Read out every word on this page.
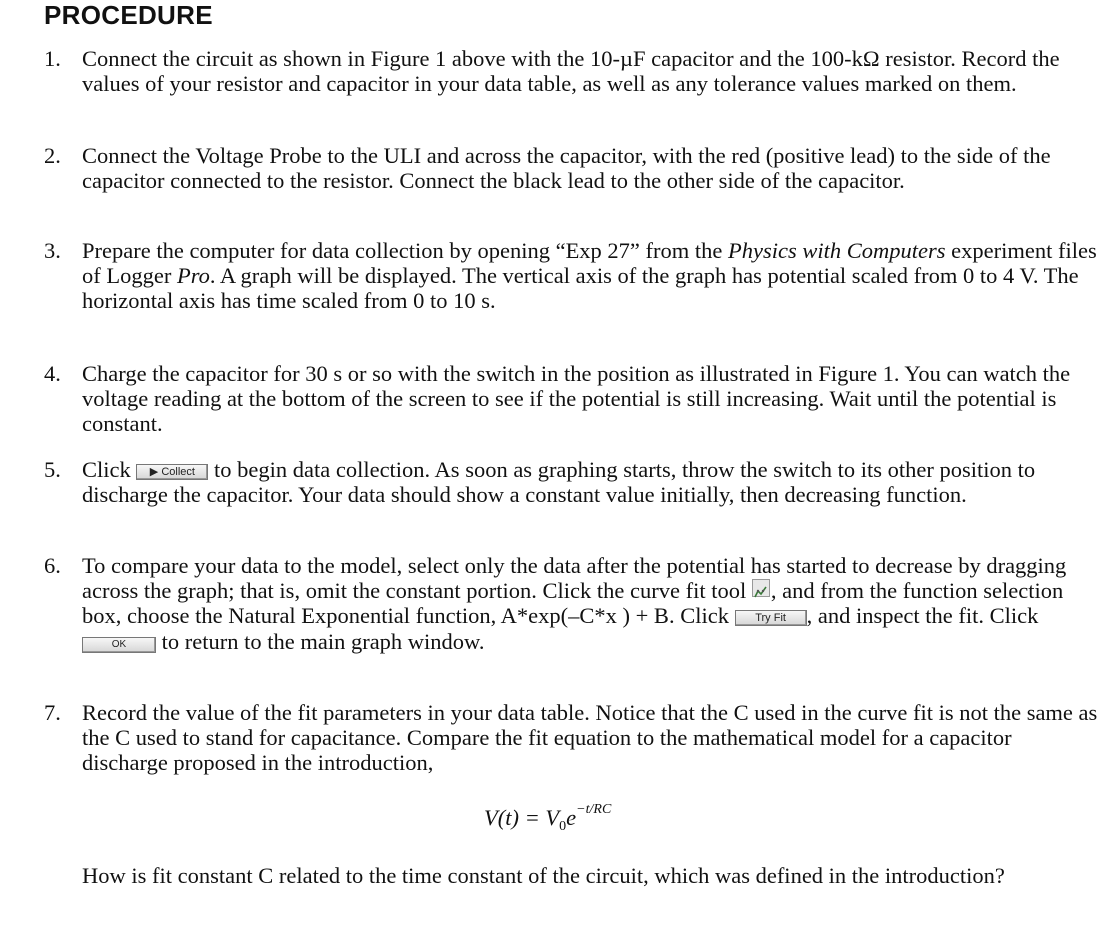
PROCEDURE
1. Connect the circuit as shown in Figure 1 above with the 10-µF capacitor and the 100-kΩ resistor. Record the values of your resistor and capacitor in your data table, as well as any tolerance values marked on them.
2. Connect the Voltage Probe to the ULI and across the capacitor, with the red (positive lead) to the side of the capacitor connected to the resistor. Connect the black lead to the other side of the capacitor.
3. Prepare the computer for data collection by opening “Exp 27” from the Physics with Computers experiment files of Logger Pro. A graph will be displayed. The vertical axis of the graph has potential scaled from 0 to 4 V. The horizontal axis has time scaled from 0 to 10 s.
4. Charge the capacitor for 30 s or so with the switch in the position as illustrated in Figure 1. You can watch the voltage reading at the bottom of the screen to see if the potential is still increasing. Wait until the potential is constant.
5. Click ▶ Collect to begin data collection. As soon as graphing starts, throw the switch to its other position to discharge the capacitor. Your data should show a constant value initially, then decreasing function.
6. To compare your data to the model, select only the data after the potential has started to decrease by dragging across the graph; that is, omit the constant portion. Click the curve fit tool , and from the function selection box, choose the Natural Exponential function, A*exp(–C*x ) + B. Click Try Fit , and inspect the fit. Click OK to return to the main graph window.
7. Record the value of the fit parameters in your data table. Notice that the C used in the curve fit is not the same as the C used to stand for capacitance. Compare the fit equation to the mathematical model for a capacitor discharge proposed in the introduction,
$V(t) = V_0e^{-t/RC}$
How is fit constant C related to the time constant of the circuit, which was defined in the introduction?
